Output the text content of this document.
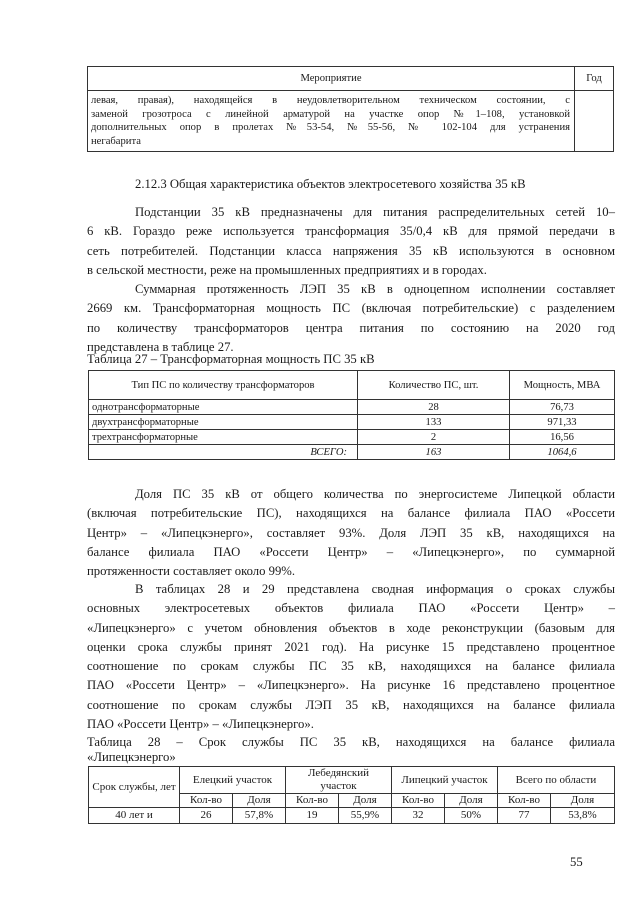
Мероприятие	Год

левая, правая), находящейся в неудовлетворительном техническом состоянии, с
заменой грозотроса с линейной арматурой на участке опор №1–108, установкой
дополнительных опор в пролетах №53-54, №55-56, № 102-104 для устранения
негабарита	

2.12.3 Общая характеристика объектов электросетевого хозяйства 35 кВ
Подстанции 35 кВ предназначены для питания распределительных сетей 10–
6 кВ. Гораздо реже используется трансформация 35/0,4 кВ для прямой передачи в
сеть потребителей. Подстанции класса напряжения 35 кВ используются в основном
в сельской местности, реже на промышленных предприятиях и в городах.
Суммарная протяженность ЛЭП 35 кВ в одноцепном исполнении составляет
2669 км. Трансформаторная мощность ПС (включая потребительские) с разделением
по количеству трансформаторов центра питания по состоянию на 2020 год
представлена в таблице 27.
Таблица 27 – Трансформаторная мощность ПС 35 кВ
Тип ПС по количеству трансформаторов	Количество ПС, шт.	Мощность, МВА
однотрансформаторные	28	76,73
двухтрансформаторные	133	971,33
трехтрансформаторные	2	16,56
ВСЕГО:	163	1064,6
Доля ПС 35 кВ от общего количества по энергосистеме Липецкой области
(включая потребительские ПС), находящихся на балансе филиала ПАО «Россети
Центр» – «Липецкэнерго», составляет 93%. Доля ЛЭП 35 кВ, находящихся на
балансе филиала ПАО «Россети Центр» – «Липецкэнерго», по суммарной
протяженности составляет около 99%.
В таблицах 28 и 29 представлена сводная информация о сроках службы
основных электросетевых объектов филиала ПАО «Россети Центр» –
«Липецкэнерго» с учетом обновления объектов в ходе реконструкции (базовым для
оценки срока службы принят 2021 год). На рисунке 15 представлено процентное
соотношение по срокам службы ПС 35 кВ, находящихся на балансе филиала
ПАО «Россети Центр» – «Липецкэнерго». На рисунке 16 представлено процентное
соотношение по срокам службы ЛЭП 35 кВ, находящихся на балансе филиала
ПАО «Россети Центр» – «Липецкэнерго».
Таблица 28 – Срок службы ПС 35 кВ, находящихся на балансе филиала
«Липецкэнерго»
Срок службы, лет	Елецкий участок		Лебедянский участок		Липецкий участок		Всего по области	
	Кол-во	Доля	Кол-во	Доля	Кол-во	Доля	Кол-во	Доля
40 лет и	26	57,8%	19	55,9%	32	50%	77	53,8%
55
